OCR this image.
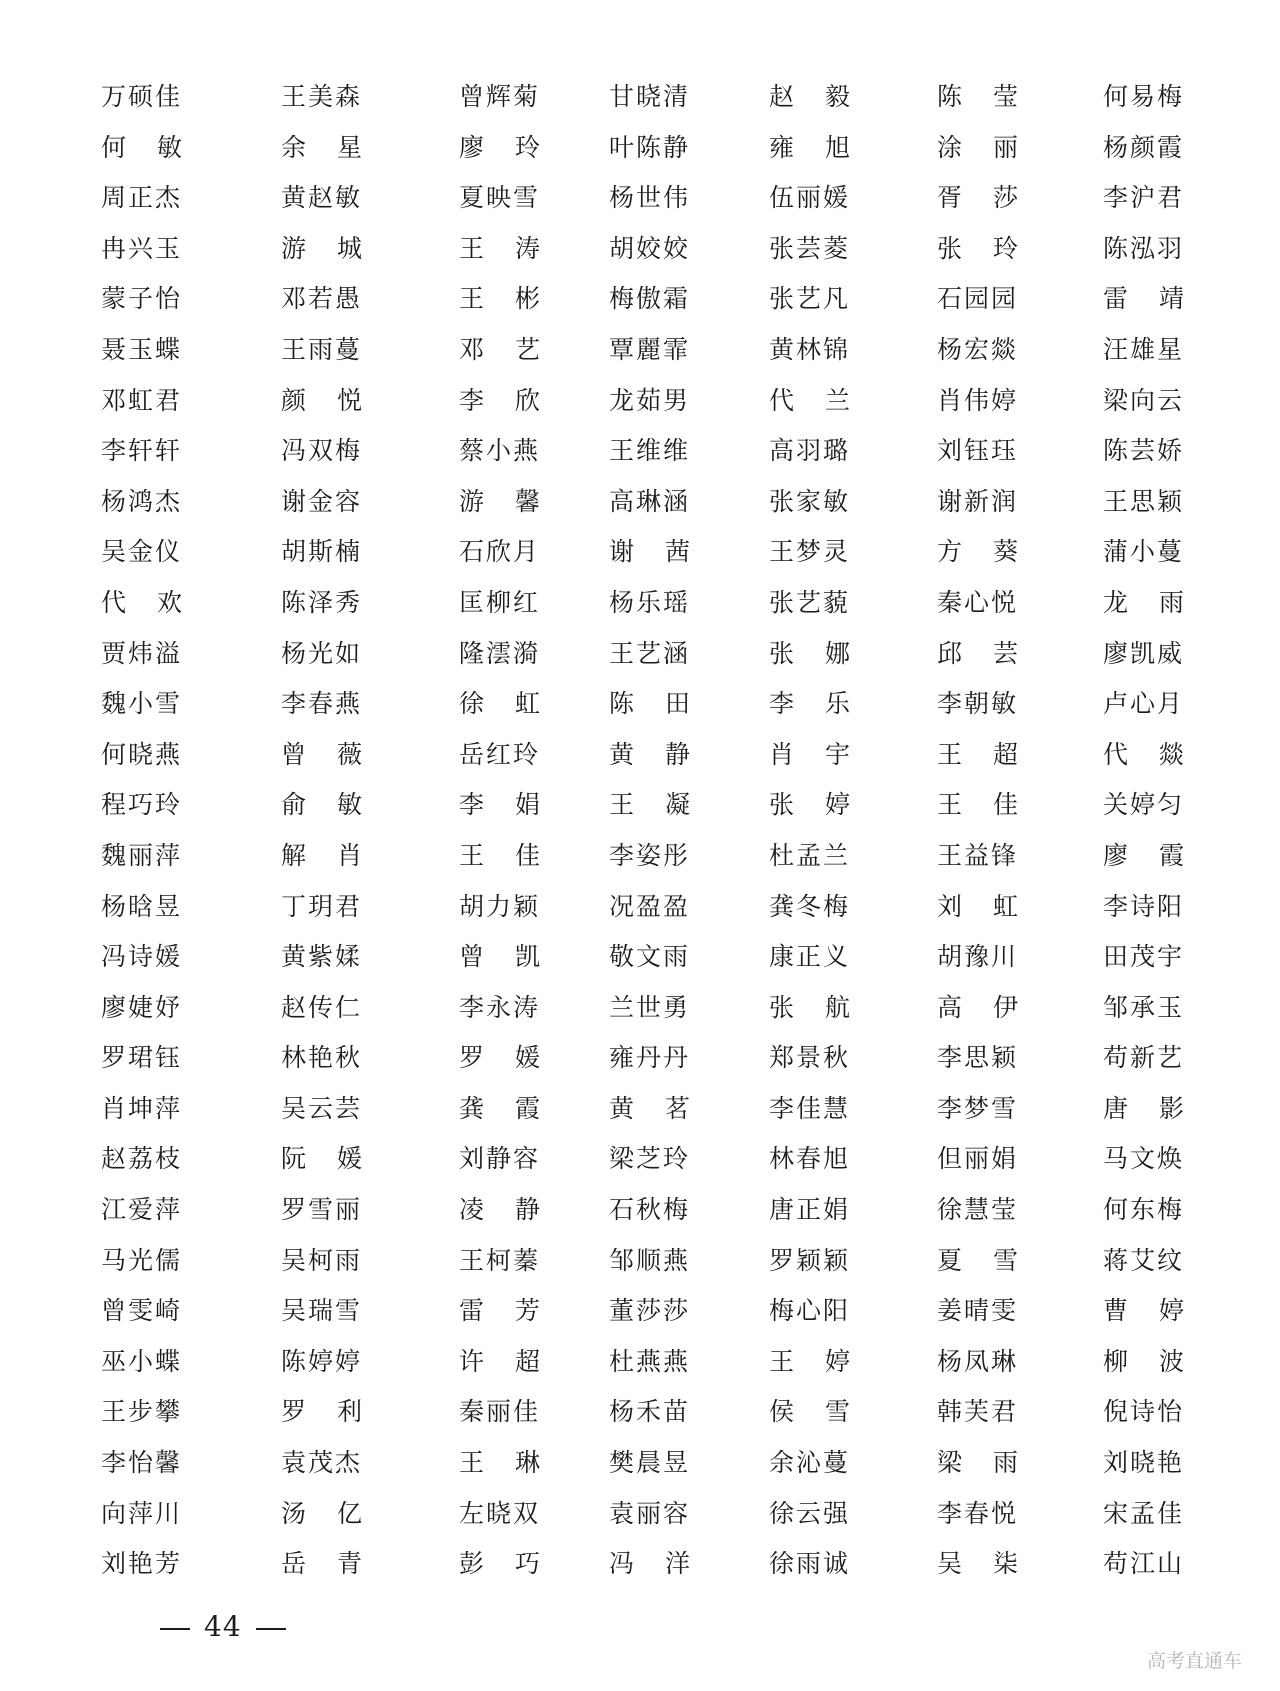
万硕佳	王美森	曾辉菊	甘晓清	赵 毅	陈 莹	何易梅
何 敏	余 星	廖 玲	叶陈静	雍 旭	涂 丽	杨颜霞
周正杰	黄赵敏	夏映雪	杨世伟	伍丽媛	胥 莎	李沪君
冉兴玉	游 城	王 涛	胡姣姣	张芸菱	张 玲	陈泓羽
蒙子怡	邓若愚	王 彬	梅傲霜	张艺凡	石园园	雷 靖
聂玉蝶	王雨蔓	邓 艺	覃麗霏	黄林锦	杨宏燚	汪雄星
邓虹君	颜 悦	李 欣	龙茹男	代 兰	肖伟婷	梁向云
李轩轩	冯双梅	蔡小燕	王维维	高羽璐	刘钰珏	陈芸娇
杨鸿杰	谢金容	游 馨	高琳涵	张家敏	谢新润	王思颖
吴金仪	胡斯楠	石欣月	谢 茜	王梦灵	方 葵	蒲小蔓
代 欢	陈泽秀	匡柳红	杨乐瑶	张艺藐	秦心悦	龙 雨
贾炜溢	杨光如	隆澐漪	王艺涵	张 娜	邱 芸	廖凯威
魏小雪	李春燕	徐 虹	陈 田	李 乐	李朝敏	卢心月
何晓燕	曾 薇	岳红玲	黄 静	肖 宇	王 超	代 燚
程巧玲	俞 敏	李 娟	王 凝	张 婷	王 佳	关婷匀
魏丽萍	解 肖	王 佳	李姿彤	杜孟兰	王益锋	廖 霞
杨晗昱	丁玥君	胡力颖	况盈盈	龚冬梅	刘 虹	李诗阳
冯诗媛	黄紫媃	曾 凯	敬文雨	康正义	胡豫川	田茂宇
廖婕妤	赵传仁	李永涛	兰世勇	张 航	高 伊	邹承玉
罗珺钰	林艳秋	罗 媛	雍丹丹	郑景秋	李思颖	苟新艺
肖坤萍	吴云芸	龚 霞	黄 茗	李佳慧	李梦雪	唐 影
赵荔枝	阮 媛	刘静容	梁芝玲	林春旭	但丽娟	马文焕
江爱萍	罗雪丽	凌 静	石秋梅	唐正娟	徐慧莹	何东梅
马光儒	吴柯雨	王柯蓁	邹顺燕	罗颖颖	夏 雪	蒋艾纹
曾雯崎	吴瑞雪	雷 芳	董莎莎	梅心阳	姜晴雯	曹 婷
巫小蝶	陈婷婷	许 超	杜燕燕	王 婷	杨凤琳	柳 波
王步攀	罗 利	秦丽佳	杨禾苗	侯 雪	韩芙君	倪诗怡
李怡馨	袁茂杰	王 琳	樊晨昱	余沁蔓	梁 雨	刘晓艳
向萍川	汤 亿	左晓双	袁丽容	徐云强	李春悦	宋孟佳
刘艳芳	岳 青	彭 巧	冯 洋	徐雨诚	吴 柒	苟江山
44
高考直通车
